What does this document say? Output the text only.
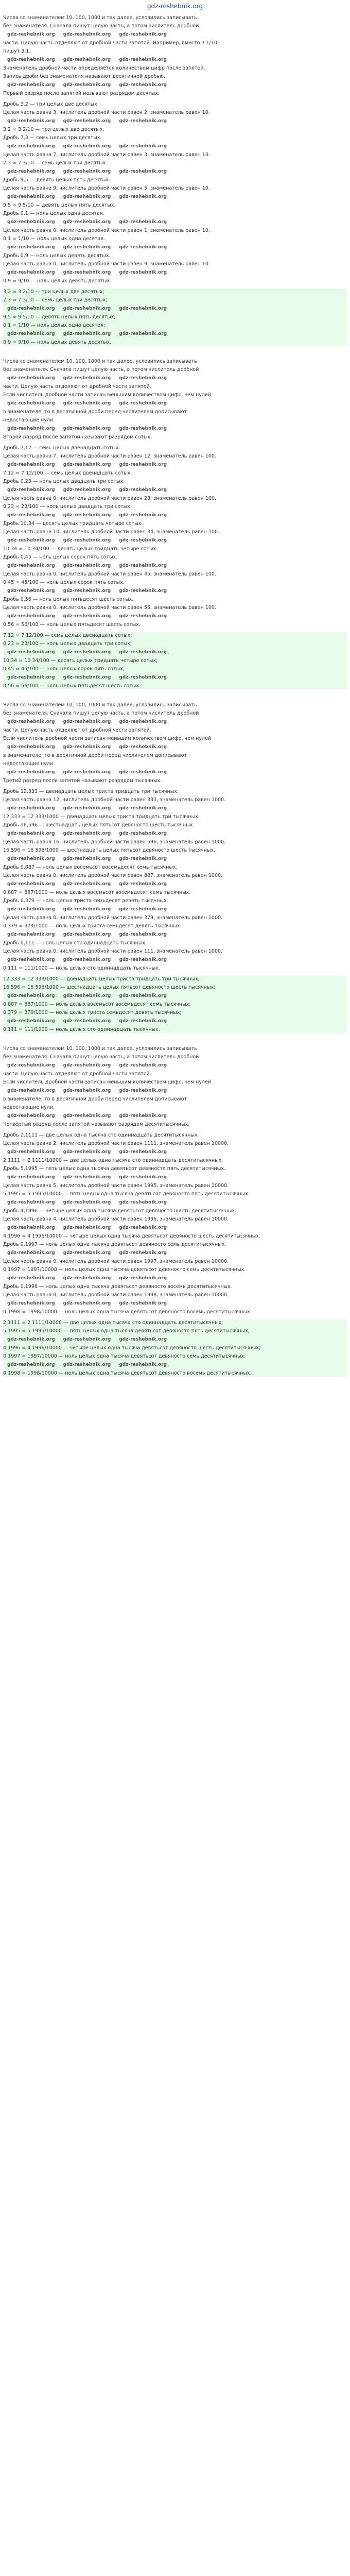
gdz-reshebnik.org
Числа со знаменателем 10, 100, 1000 и так далее, условились записывать
без знаменателя. Сначала пишут целую часть, а потом числитель дробной
gdz-reshebnik.org gdz-reshebnik.org gdz-reshebnik.org
части. Целую часть отделяют от дробной части запятой. Например, вместо 3 1/10
пишут 3,1.
gdz-reshebnik.org gdz-reshebnik.org gdz-reshebnik.org
Знаменатель дробной части определяется количеством цифр после запятой.
Запись дроби без знаменателя называют десятичной дробью.
gdz-reshebnik.org gdz-reshebnik.org gdz-reshebnik.org
Первый разряд после запятой называют разрядом десятых.
Дробь 3,2 — три целых две десятых.
Целая часть равна 3, числитель дробной части равен 2, знаменатель равен 10.
gdz-reshebnik.org gdz-reshebnik.org gdz-reshebnik.org
3,2 = 3 2/10 — три целых две десятых.
Дробь 7,3 — семь целых три десятых.
gdz-reshebnik.org gdz-reshebnik.org gdz-reshebnik.org
Целая часть равна 7, числитель дробной части равен 3, знаменатель равен 10.
7,3 = 7 3/10 — семь целых три десятых.
gdz-reshebnik.org gdz-reshebnik.org gdz-reshebnik.org
Дробь 9,5 — девять целых пять десятых.
Целая часть равна 9, числитель дробной части равен 5, знаменатель равен 10.
gdz-reshebnik.org gdz-reshebnik.org gdz-reshebnik.org
9,5 = 9 5/10 — девять целых пять десятых.
Дробь 0,1 — ноль целых одна десятая.
gdz-reshebnik.org gdz-reshebnik.org gdz-reshebnik.org
Целая часть равна 0, числитель дробной части равен 1, знаменатель равен 10.
0,1 = 1/10 — ноль целых одна десятая.
gdz-reshebnik.org gdz-reshebnik.org gdz-reshebnik.org
Дробь 0,9 — ноль целых девять десятых.
Целая часть равна 0, числитель дробной части равен 9, знаменатель равен 10.
gdz-reshebnik.org gdz-reshebnik.org gdz-reshebnik.org
0,9 = 9/10 — ноль целых девять десятых.
3,2 = 3 2/10 — три целых две десятых;
7,3 = 7 3/10 — семь целых три десятых;
gdz-reshebnik.org gdz-reshebnik.org gdz-reshebnik.org
9,5 = 9 5/10 — девять целых пять десятых;
0,1 = 1/10 — ноль целых одна десятая;
gdz-reshebnik.org gdz-reshebnik.org gdz-reshebnik.org
0,9 = 9/10 — ноль целых девять десятых.
Числа со знаменателем 10, 100, 1000 и так далее, условились записывать
без знаменателя. Сначала пишут целую часть, а потом числитель дробной
gdz-reshebnik.org gdz-reshebnik.org gdz-reshebnik.org
части. Целую часть отделяют от дробной части запятой.
Если числитель дробной части записан меньшим количеством цифр, чем нулей
gdz-reshebnik.org gdz-reshebnik.org gdz-reshebnik.org
в знаменателе, то в десятичной дроби перед числителем дописывают
недостающие нули.
gdz-reshebnik.org gdz-reshebnik.org gdz-reshebnik.org
Второй разряд после запятой называют разрядом сотых.
Дробь 7,12 — семь целых двенадцать сотых.
Целая часть равна 7, числитель дробной части равен 12, знаменатель равен 100.
gdz-reshebnik.org gdz-reshebnik.org gdz-reshebnik.org
7,12 = 7 12/100 — семь целых двенадцать сотых.
Дробь 0,23 — ноль целых двадцать три сотых.
gdz-reshebnik.org gdz-reshebnik.org gdz-reshebnik.org
Целая часть равна 0, числитель дробной части равен 23, знаменатель равен 100.
0,23 = 23/100 — ноль целых двадцать три сотых.
gdz-reshebnik.org gdz-reshebnik.org gdz-reshebnik.org
Дробь 10,34 — десять целых тридцать четыре сотых.
Целая часть равна 10, числитель дробной части равен 34, знаменатель равен 100.
gdz-reshebnik.org gdz-reshebnik.org gdz-reshebnik.org
10,34 = 10 34/100 — десять целых тридцать четыре сотых.
Дробь 0,45 — ноль целых сорок пять сотых.
gdz-reshebnik.org gdz-reshebnik.org gdz-reshebnik.org
Целая часть равна 0, числитель дробной части равен 45, знаменатель равен 100.
0,45 = 45/100 — ноль целых сорок пять сотых.
gdz-reshebnik.org gdz-reshebnik.org gdz-reshebnik.org
Дробь 0,56 — ноль целых пятьдесят шесть сотых.
Целая часть равна 0, числитель дробной части равен 56, знаменатель равен 100.
gdz-reshebnik.org gdz-reshebnik.org gdz-reshebnik.org
0,56 = 56/100 — ноль целых пятьдесят шесть сотых.
7,12 = 7 12/100 — семь целых двенадцать сотых;
0,23 = 23/100 — ноль целых двадцать три сотых;
gdz-reshebnik.org gdz-reshebnik.org gdz-reshebnik.org
10,34 = 10 34/100 — десять целых тридцать четыре сотых;
0,45 = 45/100 — ноль целых сорок пять сотых;
gdz-reshebnik.org gdz-reshebnik.org gdz-reshebnik.org
0,56 = 56/100 — ноль целых пятьдесят шесть сотых.
Числа со знаменателем 10, 100, 1000 и так далее, условились записывать
без знаменателя. Сначала пишут целую часть, а потом числитель дробной
gdz-reshebnik.org gdz-reshebnik.org gdz-reshebnik.org
части. Целую часть отделяют от дробной части запятой.
Если числитель дробной части записан меньшим количеством цифр, чем нулей
gdz-reshebnik.org gdz-reshebnik.org gdz-reshebnik.org
в знаменателе, то в десятичной дроби перед числителем дописывают
недостающие нули.
gdz-reshebnik.org gdz-reshebnik.org gdz-reshebnik.org
Третий разряд после запятой называют разрядом тысячных.
Дробь 12,333 — двенадцать целых триста тридцать три тысячных.
Целая часть равна 12, числитель дробной части равен 333, знаменатель равен 1000.
gdz-reshebnik.org gdz-reshebnik.org gdz-reshebnik.org
12,333 = 12 333/1000 — двенадцать целых триста тридцать три тысячных.
Дробь 16,596 — шестнадцать целых пятьсот девяносто шесть тысячных.
gdz-reshebnik.org gdz-reshebnik.org gdz-reshebnik.org
Целая часть равна 16, числитель дробной части равен 596, знаменатель равен 1000.
16,596 = 16 596/1000 — шестнадцать целых пятьсот девяносто шесть тысячных.
gdz-reshebnik.org gdz-reshebnik.org gdz-reshebnik.org
Дробь 0,887 — ноль целых восемьсот восемьдесят семь тысячных.
Целая часть равна 0, числитель дробной части равен 887, знаменатель равен 1000.
gdz-reshebnik.org gdz-reshebnik.org gdz-reshebnik.org
0,887 = 887/1000 — ноль целых восемьсот восемьдесят семь тысячных.
Дробь 0,379 — ноль целых триста семьдесят девять тысячных.
gdz-reshebnik.org gdz-reshebnik.org gdz-reshebnik.org
Целая часть равна 0, числитель дробной части равен 379, знаменатель равен 1000.
0,379 = 379/1000 — ноль целых триста семьдесят девять тысячных.
gdz-reshebnik.org gdz-reshebnik.org gdz-reshebnik.org
Дробь 0,111 — ноль целых сто одиннадцать тысячных.
Целая часть равна 0, числитель дробной части равен 111, знаменатель равен 1000.
gdz-reshebnik.org gdz-reshebnik.org gdz-reshebnik.org
0,111 = 111/1000 — ноль целых сто одиннадцать тысячных.
12,333 = 12 333/1000 — двенадцать целых триста тридцать три тысячных;
16,596 = 16 596/1000 — шестнадцать целых пятьсот девяносто шесть тысячных;
gdz-reshebnik.org gdz-reshebnik.org gdz-reshebnik.org
0,887 = 887/1000 — ноль целых восемьсот восемьдесят семь тысячных;
0,379 = 379/1000 — ноль целых триста семьдесят девять тысячных;
gdz-reshebnik.org gdz-reshebnik.org gdz-reshebnik.org
0,111 = 111/1000 — ноль целых сто одиннадцать тысячных.
Числа со знаменателем 10, 100, 1000 и так далее, условились записывать
без знаменателя. Сначала пишут целую часть, а потом числитель дробной
gdz-reshebnik.org gdz-reshebnik.org gdz-reshebnik.org
части. Целую часть отделяют от дробной части запятой.
Если числитель дробной части записан меньшим количеством цифр, чем нулей
gdz-reshebnik.org gdz-reshebnik.org gdz-reshebnik.org
в знаменателе, то в десятичной дроби перед числителем дописывают
недостающие нули.
gdz-reshebnik.org gdz-reshebnik.org gdz-reshebnik.org
Четвёртый разряд после запятой называют разрядом десятитысячных.
Дробь 2,1111 — две целых одна тысяча сто одиннадцать десятитысячных.
Целая часть равна 2, числитель дробной части равен 1111, знаменатель равен 10000.
gdz-reshebnik.org gdz-reshebnik.org gdz-reshebnik.org
2,1111 = 2 1111/10000 — две целых одна тысяча сто одиннадцать десятитысячных.
Дробь 5,1995 — пять целых одна тысяча девятьсот девяносто пять десятитысячных.
gdz-reshebnik.org gdz-reshebnik.org gdz-reshebnik.org
Целая часть равна 5, числитель дробной части равен 1995, знаменатель равен 10000.
5,1995 = 5 1995/10000 — пять целых одна тысяча девятьсот девяносто пять десятитысячных.
gdz-reshebnik.org gdz-reshebnik.org gdz-reshebnik.org
Дробь 4,1996 — четыре целых одна тысяча девятьсот девяносто шесть десятитысячных.
Целая часть равна 4, числитель дробной части равен 1996, знаменатель равен 10000.
gdz-reshebnik.org gdz-reshebnik.org gdz-reshebnik.org
4,1996 = 4 1996/10000 — четыре целых одна тысяча девятьсот девяносто шесть десятитысячных.
Дробь 0,1997 — ноль целых одна тысяча девятьсот девяносто семь десятитысячных.
gdz-reshebnik.org gdz-reshebnik.org gdz-reshebnik.org
Целая часть равна 0, числитель дробной части равен 1997, знаменатель равен 10000.
0,1997 = 1997/10000 — ноль целых одна тысяча девятьсот девяносто семь десятитысячных.
gdz-reshebnik.org gdz-reshebnik.org gdz-reshebnik.org
Дробь 0,1998 — ноль целых одна тысяча девятьсот девяносто восемь десятитысячных.
Целая часть равна 0, числитель дробной части равен 1998, знаменатель равен 10000.
gdz-reshebnik.org gdz-reshebnik.org gdz-reshebnik.org
0,1998 = 1998/10000 — ноль целых одна тысяча девятьсот девяносто восемь десятитысячных.
2,1111 = 2 1111/10000 — две целых одна тысяча сто одиннадцать десятитысячных;
5,1995 = 5 1995/10000 — пять целых одна тысяча девятьсот девяносто пять десятитысячных;
gdz-reshebnik.org gdz-reshebnik.org gdz-reshebnik.org
4,1996 = 4 1996/10000 — четыре целых одна тысяча девятьсот девяносто шесть десятитысячных;
0,1997 = 1997/10000 — ноль целых одна тысяча девятьсот девяносто семь десятитысячных;
gdz-reshebnik.org gdz-reshebnik.org gdz-reshebnik.org
0,1998 = 1998/10000 — ноль целых одна тысяча девятьсот девяносто восемь десятитысячных.
